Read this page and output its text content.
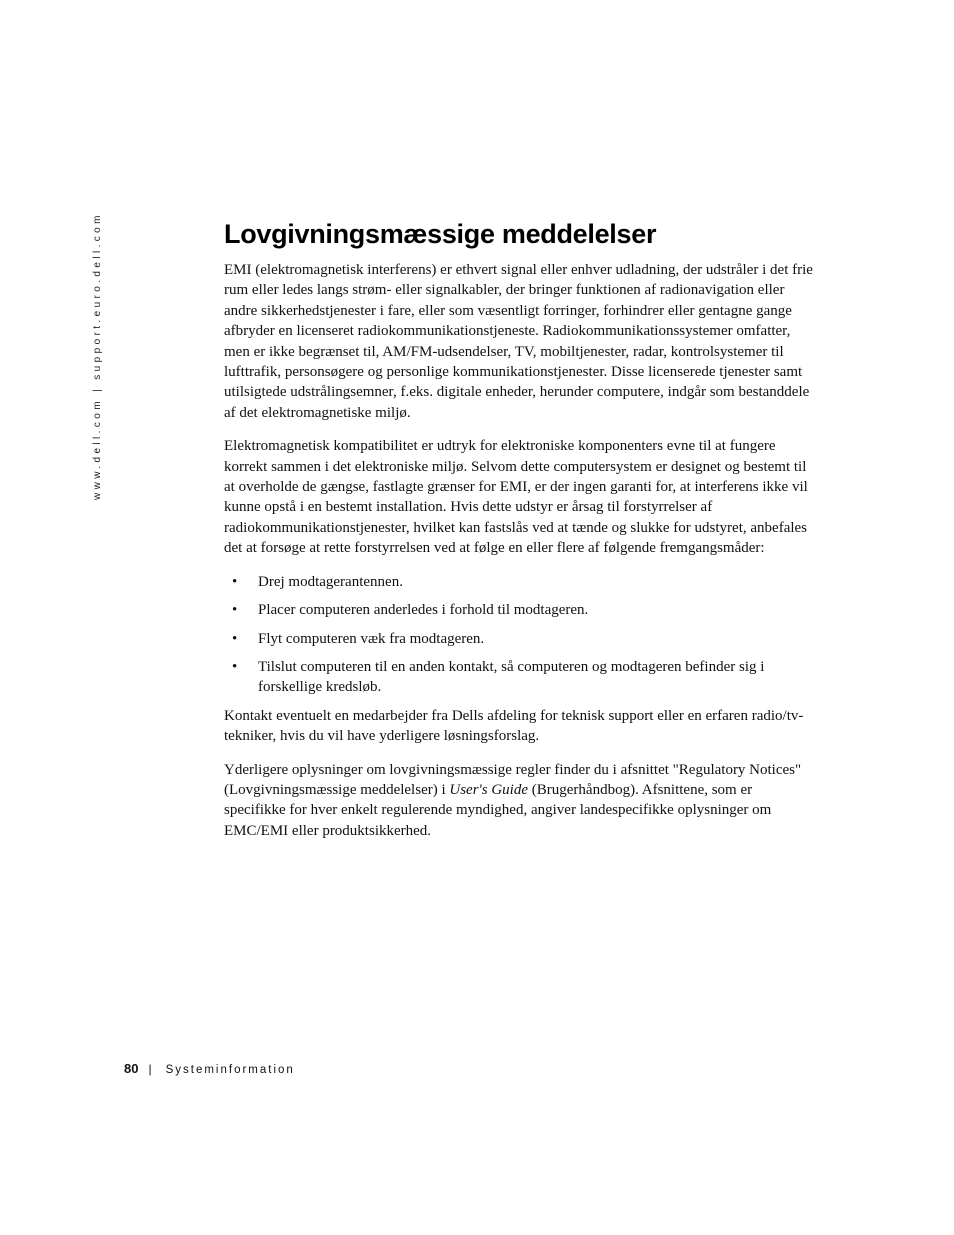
www.dell.com | support.euro.dell.com	Lovgivningsmæssige meddelelser

EMI (elektromagnetisk interferens) er ethvert signal eller enhver udladning, der udstråler i det frie rum eller ledes langs strøm- eller signalkabler, der bringer funktionen af radionavigation eller andre sikkerhedstjenester i fare, eller som væsentligt forringer, forhindrer eller gentagne gange afbryder en licenseret radiokommunikationstjeneste. Radiokommunikationssystemer omfatter, men er ikke begrænset til, AM/FM-udsendelser, TV, mobiltjenester, radar, kontrolsystemer til lufttrafik, personsøgere og personlige kommunikationstjenester. Disse licenserede tjenester samt utilsigtede udstrålingsemner, f.eks. digitale enheder, herunder computere, indgår som bestanddele af det elektromagnetiske miljø.

Elektromagnetisk kompatibilitet er udtryk for elektroniske komponenters evne til at fungere korrekt sammen i det elektroniske miljø. Selvom dette computersystem er designet og bestemt til at overholde de gængse, fastlagte grænser for EMI, er der ingen garanti for, at interferens ikke vil kunne opstå i en bestemt installation. Hvis dette udstyr er årsag til forstyrrelser af radiokommunikationstjenester, hvilket kan fastslås ved at tænde og slukke for udstyret, anbefales det at forsøge at rette forstyrrelsen ved at følge en eller flere af følgende fremgangsmåder:

• Drej modtagerantennen.
• Placer computeren anderledes i forhold til modtageren.
• Flyt computeren væk fra modtageren.
• Tilslut computeren til en anden kontakt, så computeren og modtageren befinder sig i forskellige kredsløb.

Kontakt eventuelt en medarbejder fra Dells afdeling for teknisk support eller en erfaren radio/tv-tekniker, hvis du vil have yderligere løsningsforslag.

Yderligere oplysninger om lovgivningsmæssige regler finder du i afsnittet "Regulatory Notices" (Lovgivningsmæssige meddelelser) i User's Guide (Brugerhåndbog). Afsnittene, som er specifikke for hver enkelt regulerende myndighed, angiver landespecifikke oplysninger om EMC/EMI eller produktsikkerhed.

80 | Systeminformation
